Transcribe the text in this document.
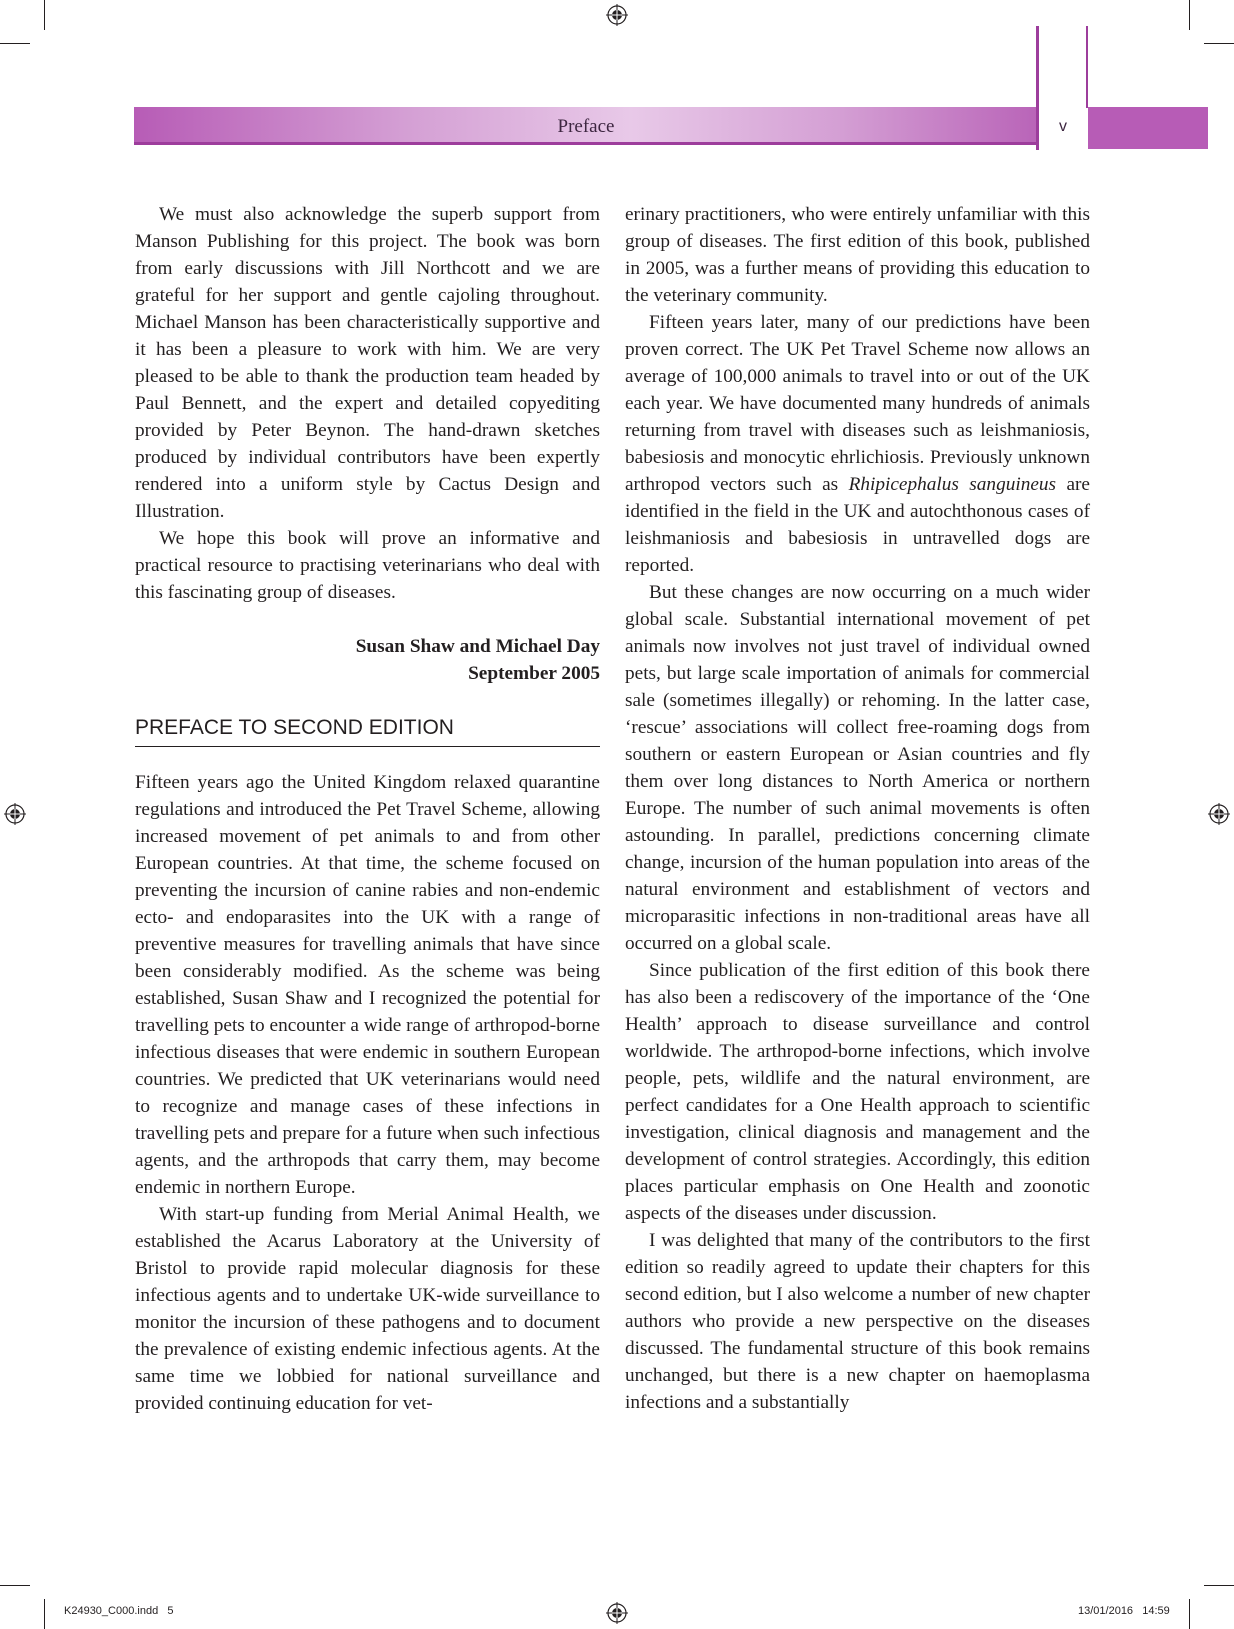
Preface	v

We must also acknowledge the superb support from Manson Publishing for this project. The book was born from early discussions with Jill Northcott and we are grateful for her support and gentle cajoling throughout. Michael Manson has been characteristically supportive and it has been a pleasure to work with him. We are very pleased to be able to thank the production team headed by Paul Bennett, and the expert and detailed copyediting provided by Peter Beynon. The hand-drawn sketches produced by individual contributors have been expertly rendered into a uniform style by Cactus Design and Illustration.

We hope this book will prove an informative and practical resource to practising veterinarians who deal with this fascinating group of diseases.

Susan Shaw and Michael Day
September 2005
PREFACE TO SECOND EDITION

Fifteen years ago the United Kingdom relaxed quarantine regulations and introduced the Pet Travel Scheme, allowing increased movement of pet animals to and from other European countries. At that time, the scheme focused on preventing the incursion of canine rabies and non-endemic ecto- and endoparasites into the UK with a range of preventive measures for travelling animals that have since been considerably modified. As the scheme was being established, Susan Shaw and I recognized the potential for travelling pets to encounter a wide range of arthropod-borne infectious diseases that were endemic in southern European countries. We predicted that UK veterinarians would need to recognize and manage cases of these infections in travelling pets and prepare for a future when such infectious agents, and the arthropods that carry them, may become endemic in northern Europe.

With start-up funding from Merial Animal Health, we established the Acarus Laboratory at the University of Bristol to provide rapid molecular diagnosis for these infectious agents and to undertake UK-wide surveillance to monitor the incursion of these pathogens and to document the prevalence of existing endemic infectious agents. At the same time we lobbied for national surveillance and provided continuing education for vet-

erinary practitioners, who were entirely unfamiliar with this group of diseases. The first edition of this book, published in 2005, was a further means of providing this education to the veterinary community.

Fifteen years later, many of our predictions have been proven correct. The UK Pet Travel Scheme now allows an average of 100,000 animals to travel into or out of the UK each year. We have documented many hundreds of animals returning from travel with diseases such as leishmaniosis, babesiosis and monocytic ehrlichiosis. Previously unknown arthropod vectors such as Rhipicephalus sanguineus are identified in the field in the UK and autochthonous cases of leishmaniosis and babesiosis in untravelled dogs are reported.

But these changes are now occurring on a much wider global scale. Substantial international movement of pet animals now involves not just travel of individual owned pets, but large scale importation of animals for commercial sale (sometimes illegally) or rehoming. In the latter case, ‘rescue’ associations will collect free-roaming dogs from southern or eastern European or Asian countries and fly them over long distances to North America or northern Europe. The number of such animal movements is often astounding. In parallel, predictions concerning climate change, incursion of the human population into areas of the natural environment and establishment of vectors and microparasitic infections in non-traditional areas have all occurred on a global scale.

Since publication of the first edition of this book there has also been a rediscovery of the importance of the ‘One Health’ approach to disease surveillance and control worldwide. The arthropod-borne infections, which involve people, pets, wildlife and the natural environment, are perfect candidates for a One Health approach to scientific investigation, clinical diagnosis and management and the development of control strategies. Accordingly, this edition places particular emphasis on One Health and zoonotic aspects of the diseases under discussion.

I was delighted that many of the contributors to the first edition so readily agreed to update their chapters for this second edition, but I also welcome a number of new chapter authors who provide a new perspective on the diseases discussed. The fundamental structure of this book remains unchanged, but there is a new chapter on haemoplasma infections and a substantially

K24930_C000.indd   5	13/01/2016   14:59
